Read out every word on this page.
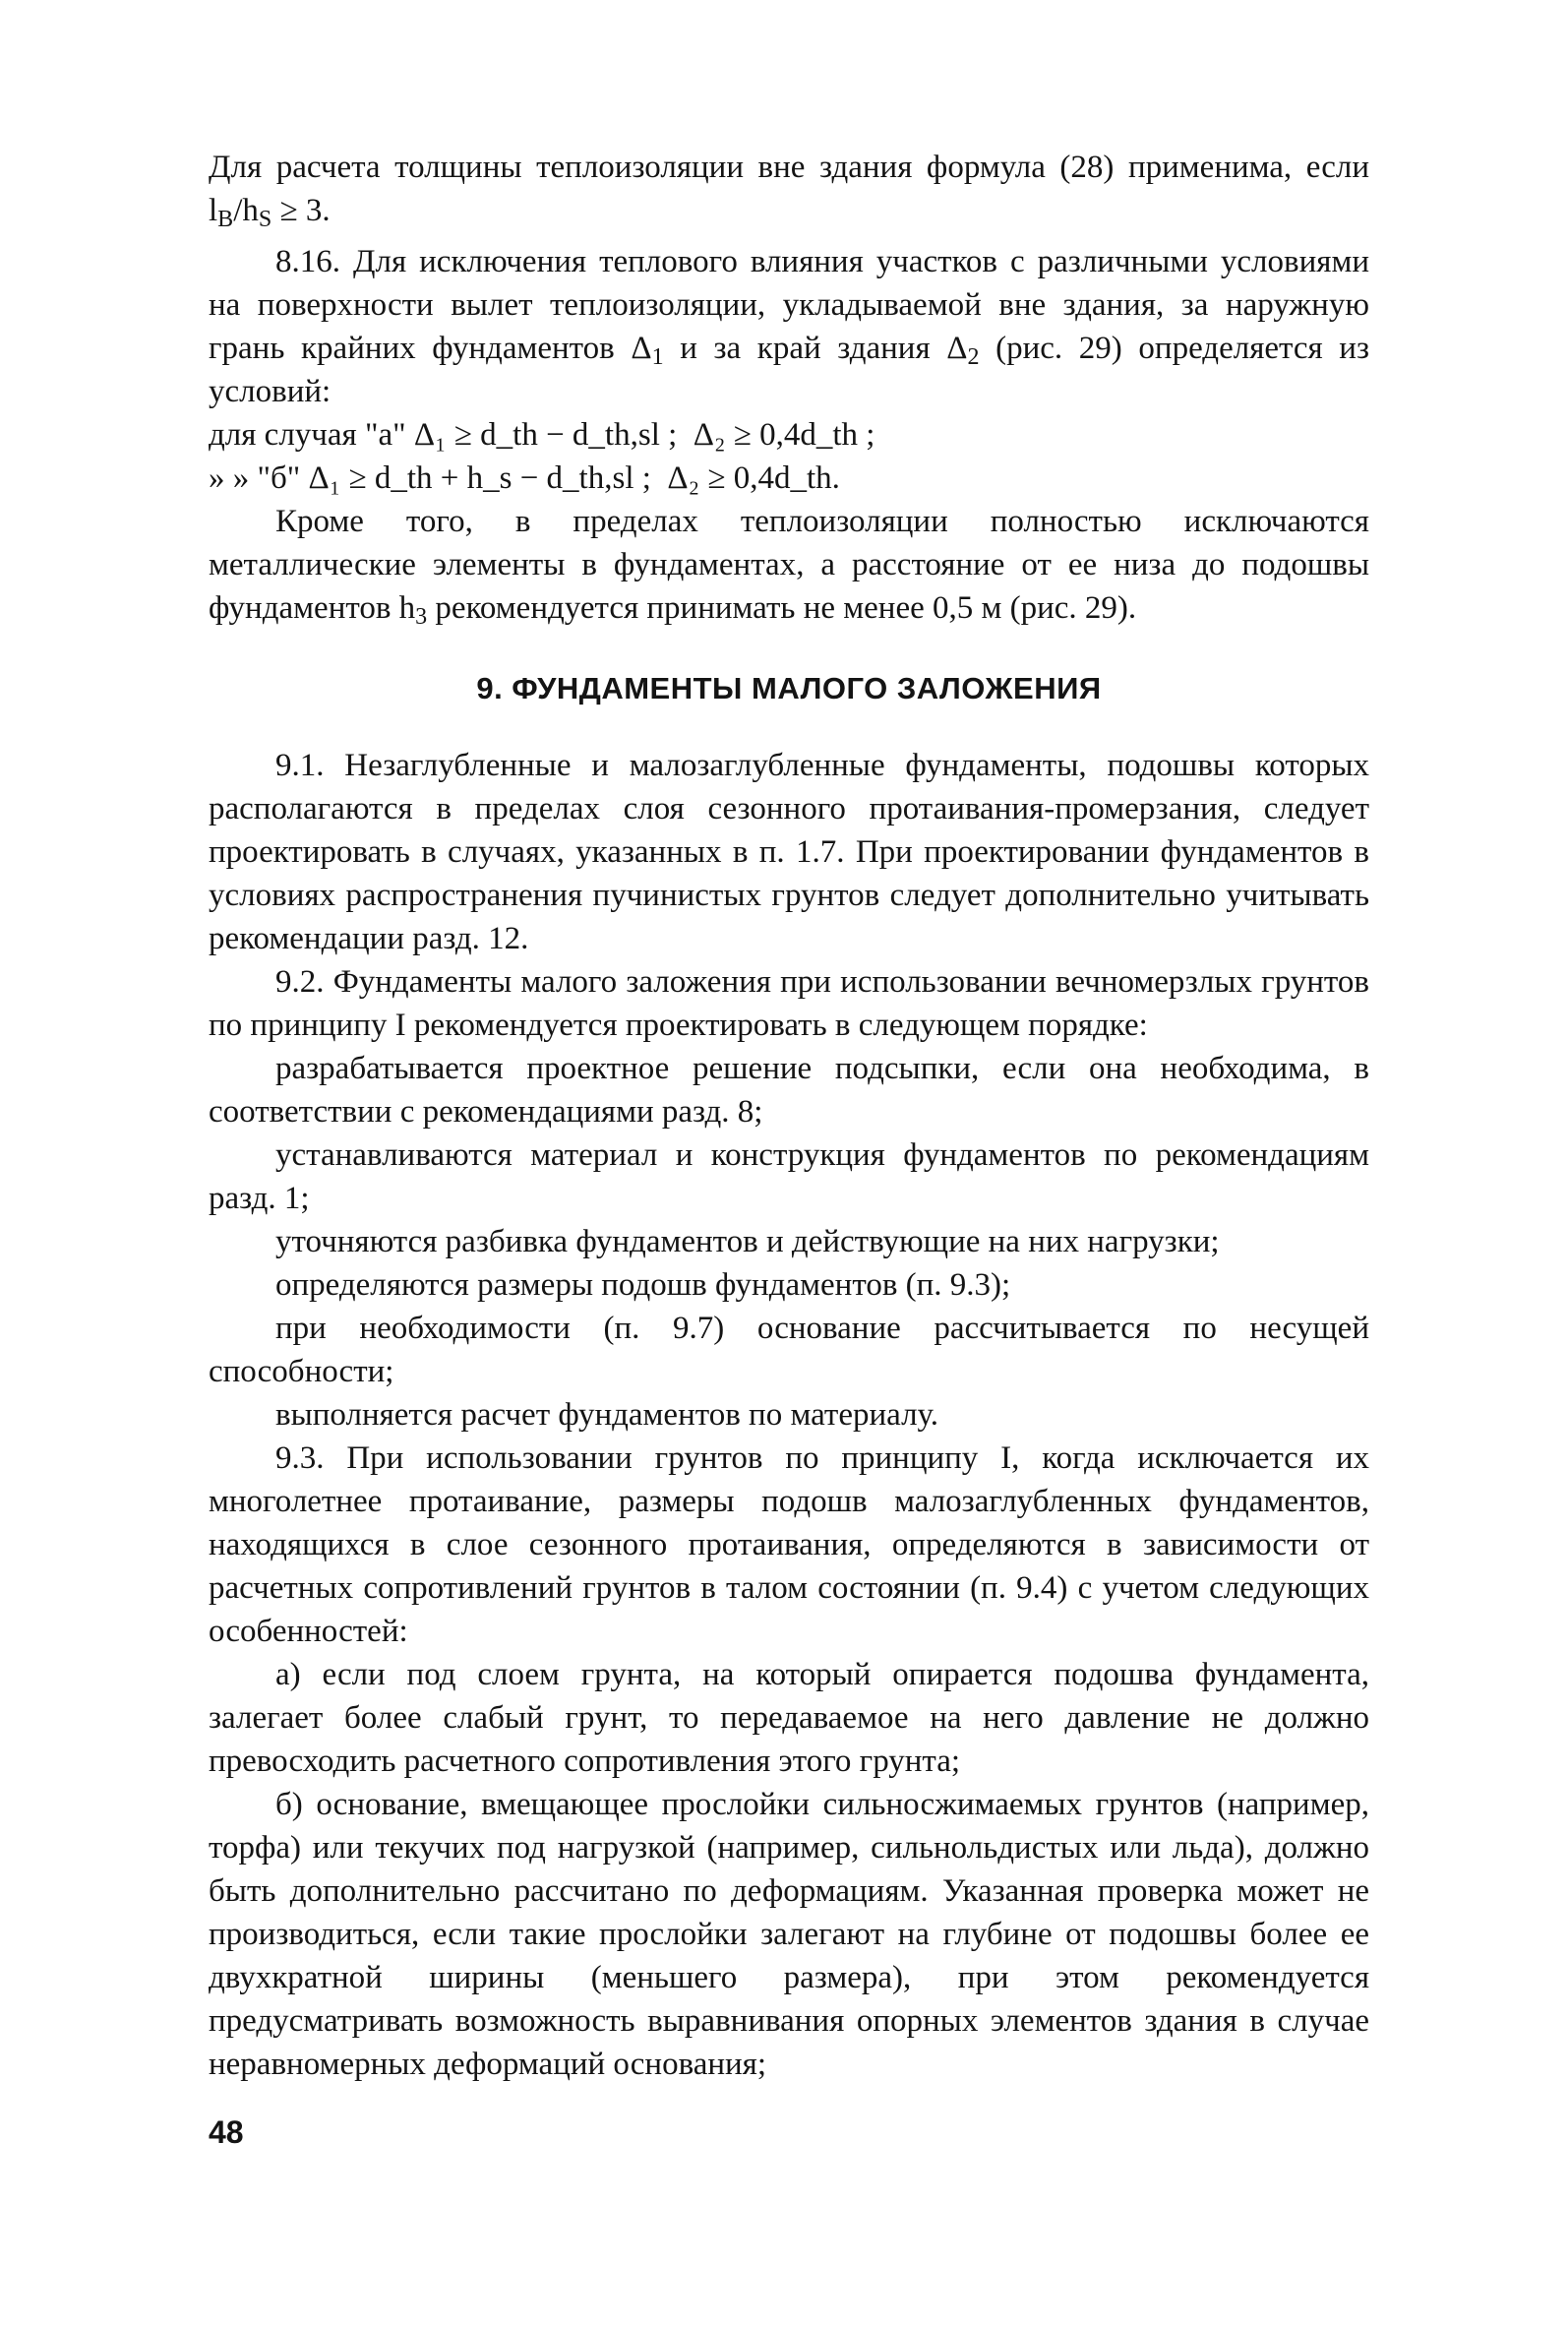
Для расчета толщины теплоизоляции вне здания формула (28) применима, если $l_B/h_S \ge 3$.

8.16. Для исключения теплового влияния участков с различными условиями на поверхности вылет теплоизоляции, укладываемой вне здания, за наружную грань крайних фундаментов $\Delta_1$ и за край здания $\Delta_2$ (рис. 29) определяется из условий:

для случая "a" Δ₁ ≥ d_th − d_th,sl ;  Δ₂ ≥ 0,4d_th ;

» » "б" Δ₁ ≥ d_th + h_s − d_th,sl ;  Δ₂ ≥ 0,4d_th.

Кроме того, в пределах теплоизоляции полностью исключаются металлические элементы в фундаментах, а расстояние от ее низа до подошвы фундаментов $h_3$ рекомендуется принимать не менее 0,5 м (рис. 29).

9. ФУНДАМЕНТЫ МАЛОГО ЗАЛОЖЕНИЯ

9.1. Незаглубленные и малозаглубленные фундаменты, подошвы которых располагаются в пределах слоя сезонного протаивания-промерзания, следует проектировать в случаях, указанных в п. 1.7. При проектировании фундаментов в условиях распространения пучинистых грунтов следует дополнительно учитывать рекомендации разд. 12.

9.2. Фундаменты малого заложения при использовании вечномерзлых грунтов по принципу I рекомендуется проектировать в следующем порядке:

разрабатывается проектное решение подсыпки, если она необходима, в соответствии с рекомендациями разд. 8;

устанавливаются материал и конструкция фундаментов по рекомендациям разд. 1;

уточняются разбивка фундаментов и действующие на них нагрузки;

определяются размеры подошв фундаментов (п. 9.3);

при необходимости (п. 9.7) основание рассчитывается по несущей способности;

выполняется расчет фундаментов по материалу.

9.3. При использовании грунтов по принципу I, когда исключается их многолетнее протаивание, размеры подошв малозаглубленных фундаментов, находящихся в слое сезонного протаивания, определяются в зависимости от расчетных сопротивлений грунтов в талом состоянии (п. 9.4) с учетом следующих особенностей:

а) если под слоем грунта, на который опирается подошва фундамента, залегает более слабый грунт, то передаваемое на него давление не должно превосходить расчетного сопротивления этого грунта;

б) основание, вмещающее прослойки сильносжимаемых грунтов (например, торфа) или текучих под нагрузкой (например, сильнольдистых или льда), должно быть дополнительно рассчитано по деформациям. Указанная проверка может не производиться, если такие прослойки залегают на глубине от подошвы более ее двухкратной ширины (меньшего размера), при этом рекомендуется предусматривать возможность выравнивания опорных элементов здания в случае неравномерных деформаций основания;

48
